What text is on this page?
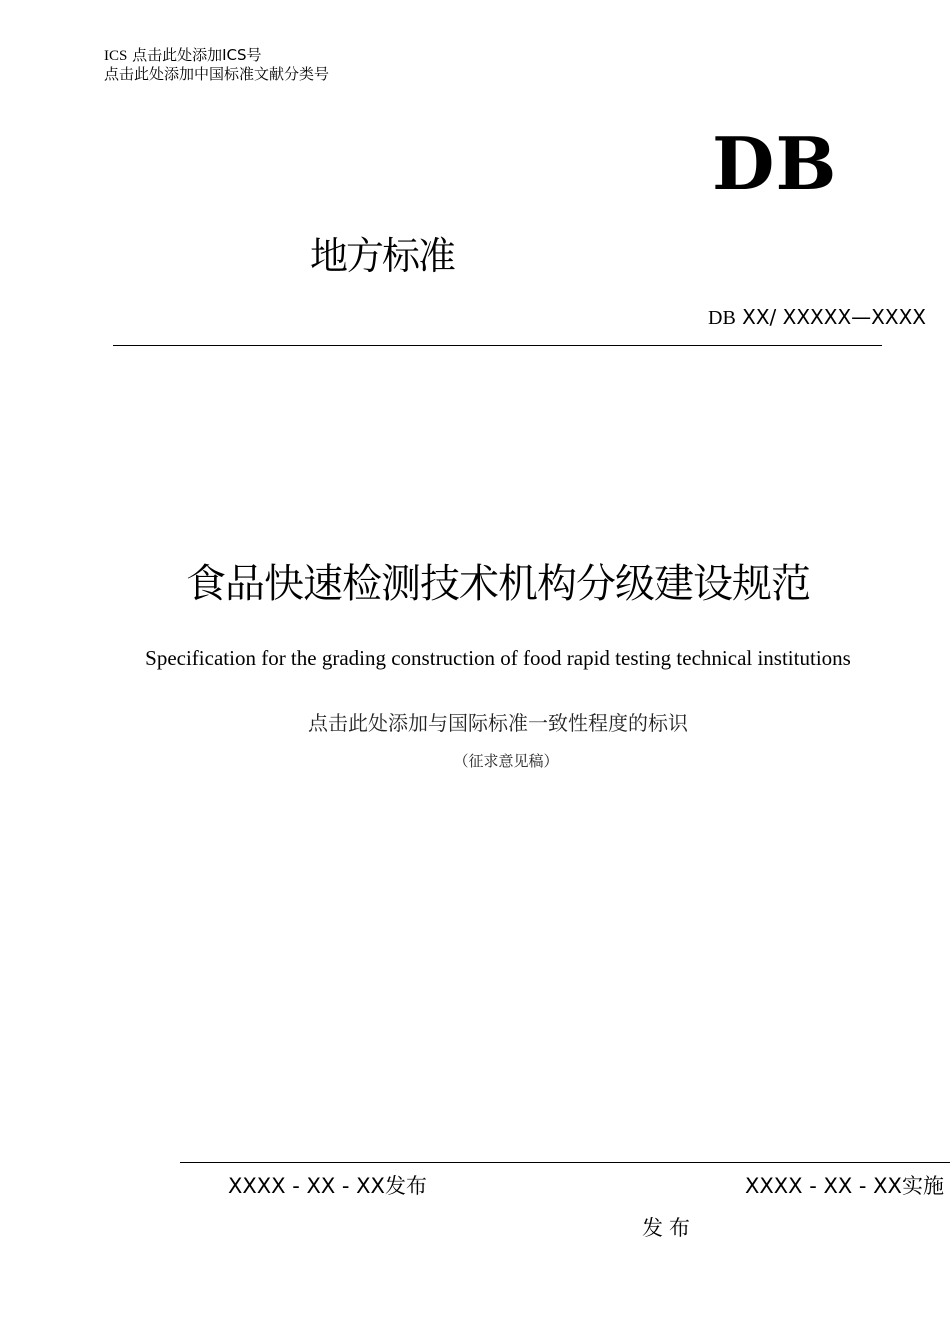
ICS 点击此处添加ICS号
点击此处添加中国标准文献分类号
DB
地方标准
DB XX/ XXXXX—XXXX
食品快速检测技术机构分级建设规范
Specification for the grading construction of food rapid testing technical institutions
点击此处添加与国际标准一致性程度的标识
（征求意见稿）
XXXX - XX - XX发布	XXXX - XX - XX实施
发布
